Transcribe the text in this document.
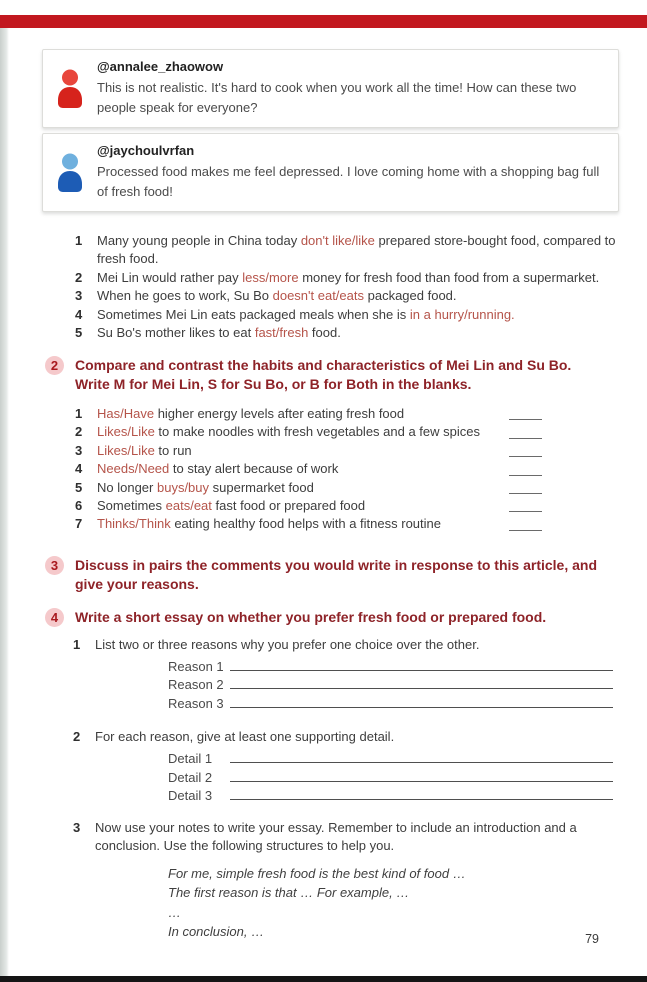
@annalee_zhaowow
This is not realistic. It's hard to cook when you work all the time! How can these two people speak for everyone?
@jaychoulvrfan
Processed food makes me feel depressed. I love coming home with a shopping bag full of fresh food!
1	Many young people in China today don't like/like prepared store-bought food, compared to fresh food.
2	Mei Lin would rather pay less/more money for fresh food than food from a supermarket.
3	When he goes to work, Su Bo doesn't eat/eats packaged food.
4	Sometimes Mei Lin eats packaged meals when she is in a hurry/running.
5	Su Bo's mother likes to eat fast/fresh food.
2	Compare and contrast the habits and characteristics of Mei Lin and Su Bo. Write M for Mei Lin, S for Su Bo, or B for Both in the blanks.
1	Has/Have higher energy levels after eating fresh food
2	Likes/Like to make noodles with fresh vegetables and a few spices
3	Likes/Like to run
4	Needs/Need to stay alert because of work
5	No longer buys/buy supermarket food
6	Sometimes eats/eat fast food or prepared food
7	Thinks/Think eating healthy food helps with a fitness routine
3	Discuss in pairs the comments you would write in response to this article, and give your reasons.
4	Write a short essay on whether you prefer fresh food or prepared food.
1	List two or three reasons why you prefer one choice over the other.
Reason 1
Reason 2
Reason 3
2	For each reason, give at least one supporting detail.
Detail 1
Detail 2
Detail 3
3	Now use your notes to write your essay. Remember to include an introduction and a conclusion. Use the following structures to help you.
For me, simple fresh food is the best kind of food …
The first reason is that … For example, …
…
In conclusion, …	79
